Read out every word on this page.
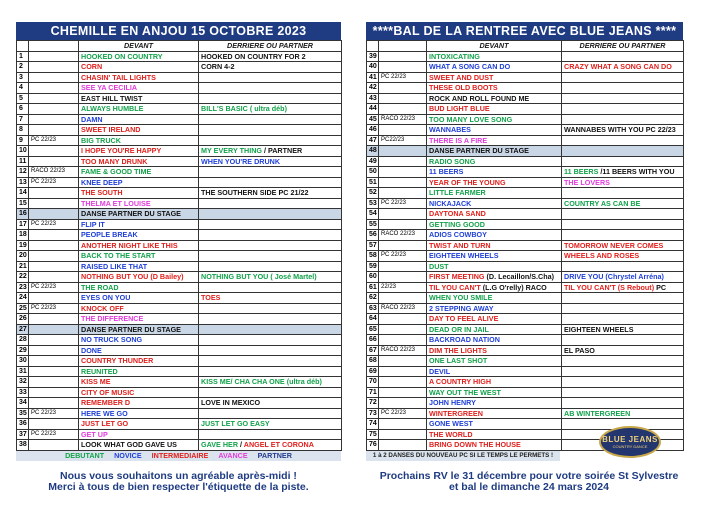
CHEMILLE EN ANJOU 15 OCTOBRE 2023	****BAL DE LA RENTREE AVEC BLUE JEANS ****
		DEVANT	DERRIERE OU PARTNER
1		HOOKED ON COUNTRY	HOOKED ON COUNTRY FOR 2
2		CORN	CORN 4-2
3		CHASIN' TAIL LIGHTS	
4		SEE YA CECILIA	
5		EAST HILL TWIST	
6		ALWAYS HUMBLE	BILL'S BASIC ( ultra déb)
7		DAMN	
8		SWEET IRELAND	
9	PC 22/23	BIG TRUCK	
10		I HOPE YOU'RE HAPPY	MY EVERY THING / PARTNER
11		TOO MANY DRUNK	WHEN YOU'RE DRUNK
12	RACO 22/23	FAME & GOOD TIME	
13	PC 22/23	KNEE DEEP	
14		THE SOUTH	THE SOUTHERN SIDE PC 21/22
15		THELMA ET LOUISE	
16		DANSE PARTNER DU STAGE	
17	PC 22/23	FLIP IT	
18		PEOPLE BREAK	
19		ANOTHER NIGHT LIKE THIS	
20		BACK TO THE START	
21		RAISED LIKE THAT	
22		NOTHING BUT YOU (D Bailey)	NOTHING BUT YOU ( José Martel)
23	PC 22/23	THE ROAD	
24		EYES ON YOU	TOES
25	PC 22/23	KNOCK OFF	
26		THE DIFFERENCE	
27		DANSE PARTNER DU STAGE	
28		NO TRUCK SONG	
29		DONE	
30		COUNTRY THUNDER	
31		REUNITED	
32		KISS ME	KISS ME/ CHA CHA ONE (ultra déb)
33		CITY OF MUSIC	
34		REMEMBER D	LOVE IN MEXICO
35	PC 22/23	HERE WE GO	
36		JUST LET GO	JUST LET GO EASY
37	PC 22/23	GET UP	
38		LOOK WHAT GOD GAVE US	GAVE HER / ANGEL ET CORONA
		DEVANT	DERRIERE OU PARTNER
39		INTOXICATING	
40		WHAT A SONG CAN DO	CRAZY WHAT A SONG CAN DO
41	PC 22/23	SWEET AND DUST	
42		THESE OLD BOOTS	
43		ROCK AND ROLL FOUND ME	
44		BUD LIGHT BLUE	
45	RACO 22/23	TOO MANY LOVE SONG	
46		WANNABES	WANNABES WITH YOU PC 22/23
47	PC22/23	THERE IS A FIRE	
48		DANSE PARTNER DU STAGE	
49		RADIO SONG	
50		11 BEERS	11 BEERS /11 BEERS WITH YOU
51		YEAR OF THE YOUNG	THE LOVERS
52		LITTLE FARMER	
53	PC 22/23	NICKAJACK	COUNTRY AS CAN BE
54		DAYTONA SAND	
55		GETTING GOOD	
56	RACO 22/23	ADIOS COWBOY	
57		TWIST AND TURN	TOMORROW NEVER COMES
58	PC 22/23	EIGHTEEN WHEELS	WHEELS AND ROSES
59		DUST	
60		FIRST MEETING (D. Lecaillon/S.Cha)	DRIVE YOU (Chrystel Arréna)
61	22/23	TIL YOU CAN'T (L.G O'relly) RACO	TIL YOU CAN'T (S Rebout) PC
62		WHEN YOU SMILE	
63	RACO 22/23	2 STEPPING AWAY	
64		DAY TO FEEL ALIVE	
65		DEAD OR IN JAIL	EIGHTEEN WHEELS
66		BACKROAD NATION	
67	RACO 22/23	DIM THE LIGHTS	EL PASO
68		ONE LAST SHOT	
69		DEVIL	
70		A COUNTRY HIGH	
71		WAY OUT THE WEST	
72		JOHN HENRY	
73	PC 22/23	WINTERGREEN	AB WINTERGREEN
74		GONE WEST	
75		THE WORLD	
76		BRING DOWN THE HOUSE	
DEBUTANT NOVICE INTERMEDIAIRE AVANCE PARTNER	1 à 2 DANSES DU NOUVEAU PC SI LE TEMPS LE PERMETS !
BLUE JEANS
COUNTRY DANCE
Nous vous souhaitons un agréable après-midi !
Merci à tous de bien respecter l'étiquette de la piste.
Prochains RV le 31 décembre pour votre soirée St Sylvestre
et bal le dimanche 24 mars 2024
